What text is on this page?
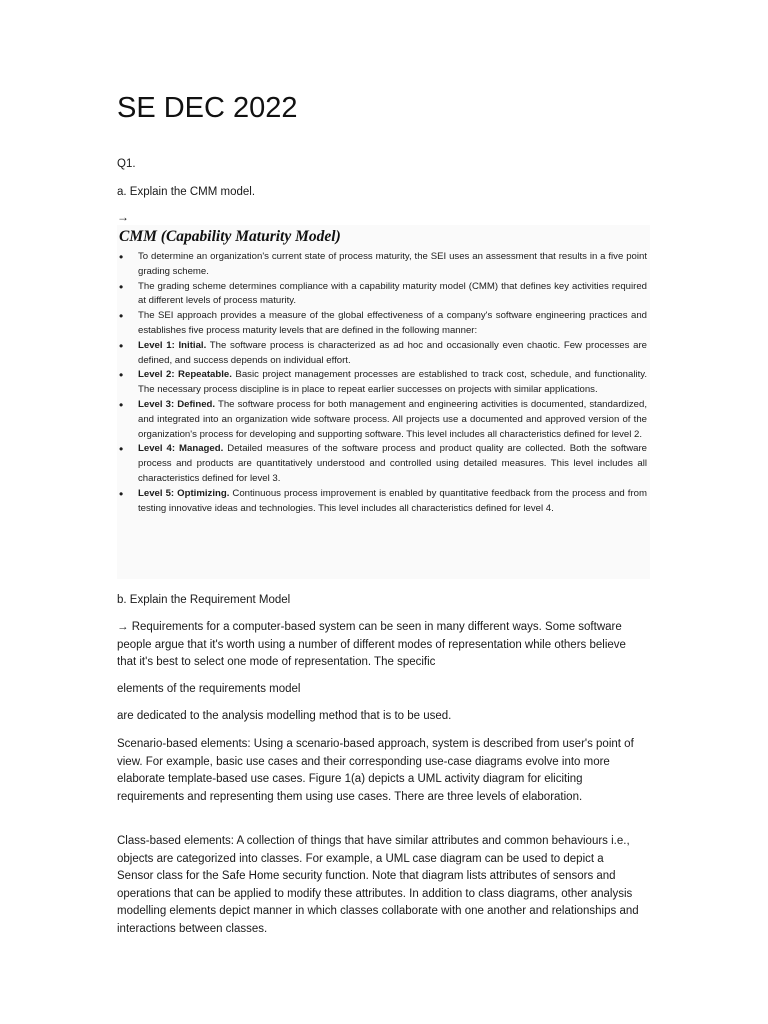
SE DEC 2022
Q1.
a. Explain the CMM model.
→
CMM (Capability Maturity Model)
• To determine an organization's current state of process maturity, the SEI uses an assessment that results in a five point grading scheme.
• The grading scheme determines compliance with a capability maturity model (CMM) that defines key activities required at different levels of process maturity.
• The SEI approach provides a measure of the global effectiveness of a company's software engineering practices and establishes five process maturity levels that are defined in the following manner:
• Level 1: Initial. The software process is characterized as ad hoc and occasionally even chaotic. Few processes are defined, and success depends on individual effort.
• Level 2: Repeatable. Basic project management processes are established to track cost, schedule, and functionality. The necessary process discipline is in place to repeat earlier successes on projects with similar applications.
• Level 3: Defined. The software process for both management and engineering activities is documented, standardized, and integrated into an organization wide software process. All projects use a documented and approved version of the organization's process for developing and supporting software. This level includes all characteristics defined for level 2.
• Level 4: Managed. Detailed measures of the software process and product quality are collected. Both the software process and products are quantitatively understood and controlled using detailed measures. This level includes all characteristics defined for level 3.
• Level 5: Optimizing. Continuous process improvement is enabled by quantitative feedback from the process and from testing innovative ideas and technologies. This level includes all characteristics defined for level 4.
b. Explain the Requirement Model
→ Requirements for a computer-based system can be seen in many different ways. Some software people argue that it's worth using a number of different modes of representation while others believe that it's best to select one mode of representation. The specific
elements of the requirements model
are dedicated to the analysis modelling method that is to be used.
Scenario-based elements: Using a scenario-based approach, system is described from user's point of view. For example, basic use cases and their corresponding use-case diagrams evolve into more elaborate template-based use cases. Figure 1(a) depicts a UML activity diagram for eliciting requirements and representing them using use cases. There are three levels of elaboration.
Class-based elements: A collection of things that have similar attributes and common behaviours i.e., objects are categorized into classes. For example, a UML case diagram can be used to depict a Sensor class for the Safe Home security function. Note that diagram lists attributes of sensors and operations that can be applied to modify these attributes. In addition to class diagrams, other analysis modelling elements depict manner in which classes collaborate with one another and relationships and interactions between classes.
